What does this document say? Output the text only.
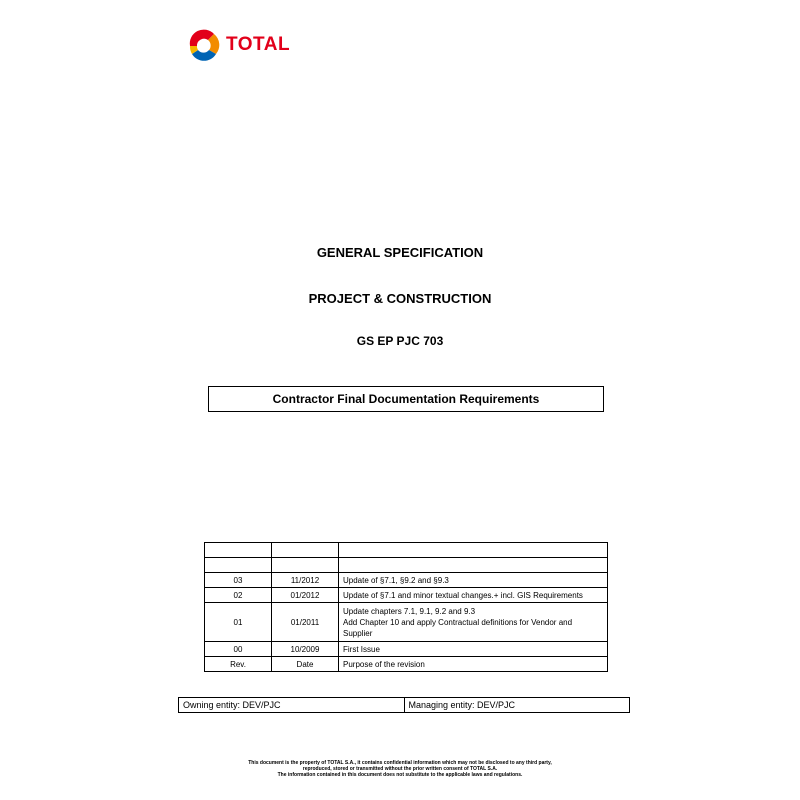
TOTAL
GENERAL SPECIFICATION
PROJECT & CONSTRUCTION
GS EP PJC 703
Contractor Final Documentation Requirements

03	11/2012	Update of §7.1, §9.2 and §9.3

02	01/2012	Update of §7.1 and minor textual changes.+ incl. GIS Requirements

01	01/2011	Update chapters 7.1, 9.1, 9.2 and 9.3
Add Chapter 10 and apply Contractual definitions for Vendor and Supplier

00	10/2009	First Issue

Rev.	Date	Purpose of the revision
Owning entity: DEV/PJC	Managing entity: DEV/PJC
This document is the property of TOTAL S.A., it contains confidential information which may not be disclosed to any third party,
reproduced, stored or transmitted without the prior written consent of TOTAL S.A.
The information contained in this document does not substitute to the applicable laws and regulations.
